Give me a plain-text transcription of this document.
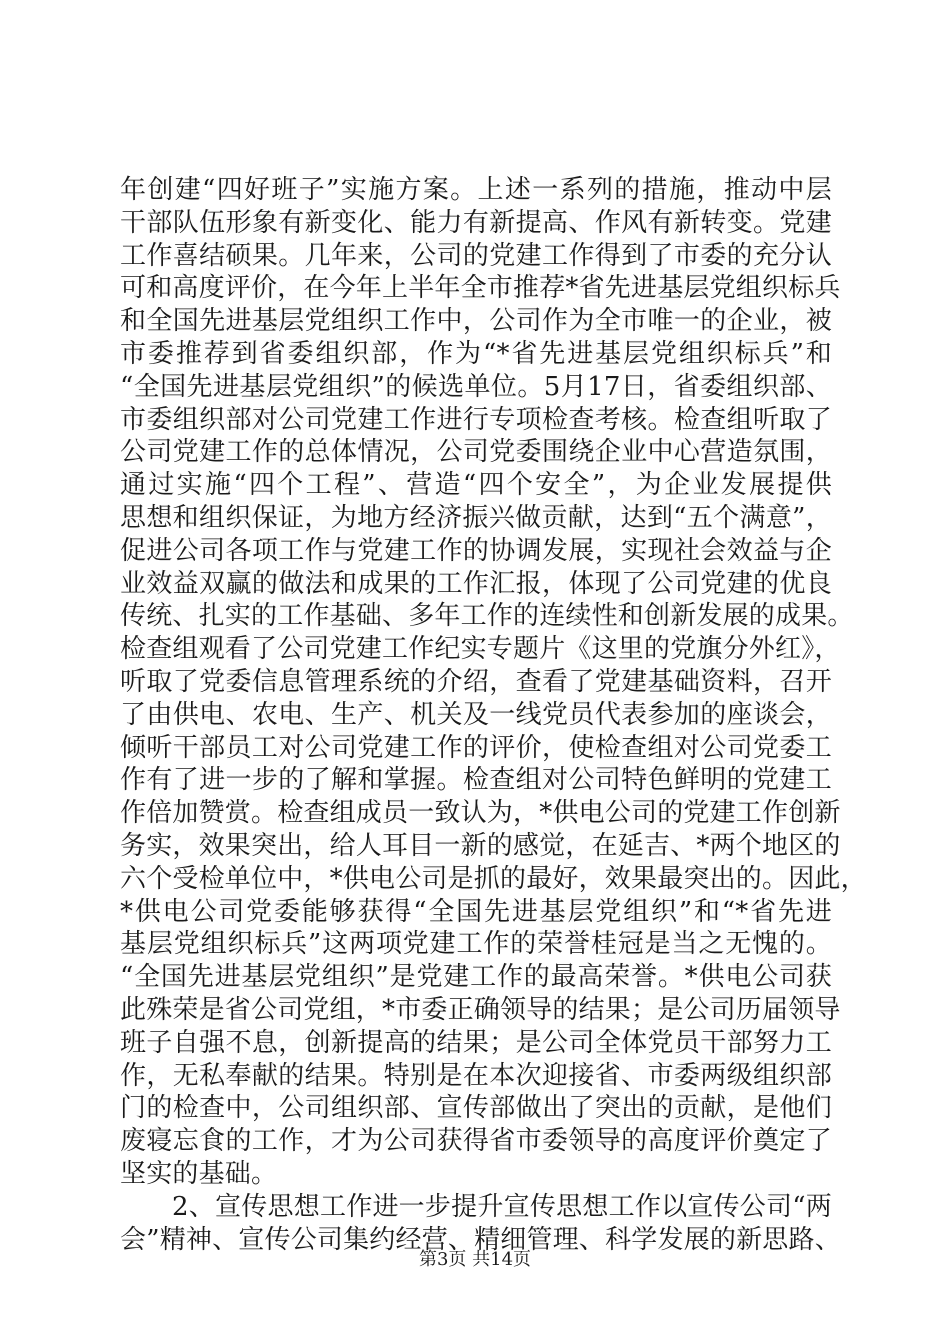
年创建“四好班子”实施方案。上述一系列的措施，推动中层
干部队伍形象有新变化、能力有新提高、作风有新转变。党建
工作喜结硕果。几年来，公司的党建工作得到了市委的充分认
可和高度评价，在今年上半年全市推荐*省先进基层党组织标兵
和全国先进基层党组织工作中，公司作为全市唯一的企业，被
市委推荐到省委组织部，作为“*省先进基层党组织标兵”和
“全国先进基层党组织”的候选单位。5月17日，省委组织部、
市委组织部对公司党建工作进行专项检查考核。检查组听取了
公司党建工作的总体情况，公司党委围绕企业中心营造氛围，
通过实施“四个工程”、营造“四个安全”，为企业发展提供
思想和组织保证，为地方经济振兴做贡献，达到“五个满意”，
促进公司各项工作与党建工作的协调发展，实现社会效益与企
业效益双赢的做法和成果的工作汇报，体现了公司党建的优良
传统、扎实的工作基础、多年工作的连续性和创新发展的成果。
检查组观看了公司党建工作纪实专题片《这里的党旗分外红》，
听取了党委信息管理系统的介绍，查看了党建基础资料，召开
了由供电、农电、生产、机关及一线党员代表参加的座谈会，
倾听干部员工对公司党建工作的评价，使检查组对公司党委工
作有了进一步的了解和掌握。检查组对公司特色鲜明的党建工
作倍加赞赏。检查组成员一致认为，*供电公司的党建工作创新
务实，效果突出，给人耳目一新的感觉，在延吉、*两个地区的
六个受检单位中，*供电公司是抓的最好，效果最突出的。因此，
*供电公司党委能够获得“全国先进基层党组织”和“*省先进
基层党组织标兵”这两项党建工作的荣誉桂冠是当之无愧的。
“全国先进基层党组织”是党建工作的最高荣誉。*供电公司获
此殊荣是省公司党组，*市委正确领导的结果；是公司历届领导
班子自强不息，创新提高的结果；是公司全体党员干部努力工
作，无私奉献的结果。特别是在本次迎接省、市委两级组织部
门的检查中，公司组织部、宣传部做出了突出的贡献，是他们
废寝忘食的工作，才为公司获得省市委领导的高度评价奠定了
坚实的基础。
2、宣传思想工作进一步提升宣传思想工作以宣传公司“两
会”精神、宣传公司集约经营、精细管理、科学发展的新思路、
第3页 共14页
